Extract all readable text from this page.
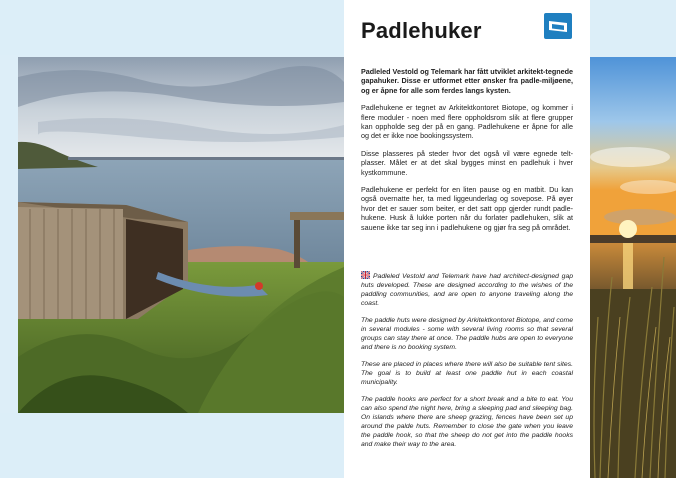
Padlehuker

Padleled Vestold og Telemark har fått utviklet arkitekt-tegnede gapahuker. Disse er utformet etter ønsker fra padle-miljøene, og er åpne for alle som ferdes langs kysten.

Padlehukene er tegnet av Arkitektkontoret Biotope, og kommer i flere moduler - noen med flere oppholdsrom slik at flere grupper kan oppholde seg der på en gang. Padlehukene er åpne for alle og det er ikke noe bookingssystem.

Disse plasseres på steder hvor det også vil være egnede telt-plasser. Målet er at det skal bygges minst en padlehuk i hver kystkommune.

Padlehukene er perfekt for en liten pause og en matbit. Du kan også overnatte her, ta med liggeunderlag og sovepose. På øyer hvor det er sauer som beiter, er det satt opp gjerder rundt padle-hukene. Husk å lukke porten når du forlater padlehuken, slik at sauene ikke tar seg inn i padlehukene og gjør fra seg på området.

Padleled Vestold and Telemark have had architect-designed gap huts developed. These are designed according to the wishes of the paddling communities, and are open to anyone traveling along the coast.

The paddle huts were designed by Arkitektkontoret Biotope, and come in several modules - some with several living rooms so that several groups can stay there at once. The paddle hubs are open to everyone and there is no booking system.

These are placed in places where there will also be suitable tent sites. The goal is to build at least one paddle hut in each coastal municipality.

The paddle hooks are perfect for a short break and a bite to eat. You can also spend the night here, bring a sleeping pad and sleeping bag. On islands where there are sheep grazing, fences have been set up around the palde huts. Remember to close the gate when you leave the paddle hook, so that the sheep do not get into the paddle hooks and make their way to the area.
